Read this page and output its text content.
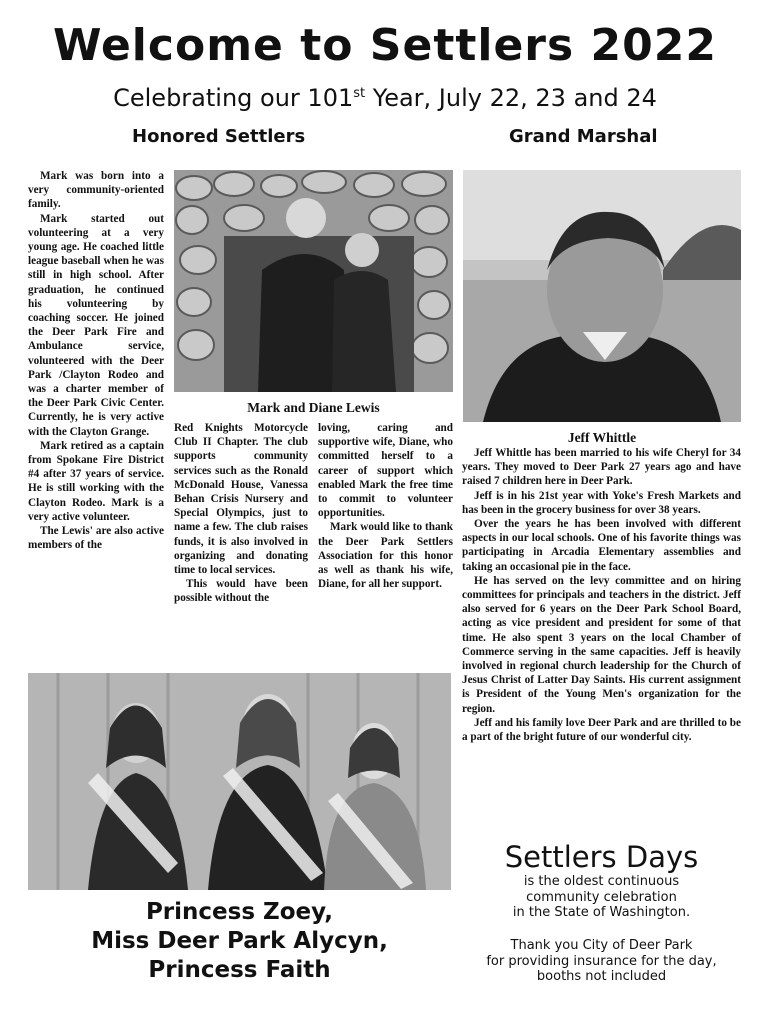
Welcome to Settlers 2022
Celebrating our 101st Year, July 22, 23 and 24
Honored Settlers	Grand Marshal

Mark was born into a very community-oriented family.

Mark started out volunteering at a very young age. He coached little league baseball when he was still in high school. After graduation, he continued his volunteering by coaching soccer. He joined the Deer Park Fire and Ambulance service, volunteered with the Deer Park /Clayton Rodeo and was a charter member of the Deer Park Civic Center. Currently, he is very active with the Clayton Grange.

Mark retired as a captain from Spokane Fire District #4 after 37 years of service. He is still working with the Clayton Rodeo. Mark is a very active volunteer.

The Lewis' are also active members of the

Mark and Diane Lewis

Red Knights Motorcycle Club II Chapter. The club supports community services such as the Ronald McDonald House, Vanessa Behan Crisis Nursery and Special Olympics, just to name a few. The club raises funds, it is also involved in organizing and donating time to local services.

This would have been possible without the

loving, caring and supportive wife, Diane, who committed herself to a career of support which enabled Mark the free time to commit to volunteer opportunities.

Mark would like to thank the Deer Park Settlers Association for this honor as well as thank his wife, Diane, for all her support.

Jeff Whittle

Jeff Whittle has been married to his wife Cheryl for 34 years. They moved to Deer Park 27 years ago and have raised 7 children here in Deer Park.

Jeff is in his 21st year with Yoke's Fresh Markets and has been in the grocery business for over 38 years.

Over the years he has been involved with different aspects in our local schools. One of his favorite things was participating in Arcadia Elementary assemblies and taking an occasional pie in the face.

He has served on the levy committee and on hiring committees for principals and teachers in the district. Jeff also served for 6 years on the Deer Park School Board, acting as vice president and president for some of that time. He also spent 3 years on the local Chamber of Commerce serving in the same capacities. Jeff is heavily involved in regional church leadership for the Church of Jesus Christ of Latter Day Saints. His current assignment is President of the Young Men's organization for the region.

Jeff and his family love Deer Park and are thrilled to be a part of the bright future of our wonderful city.

Princess Zoey,
Miss Deer Park Alycyn,
Princess Faith
Settlers Days
is the oldest continuous
community celebration
in the State of Washington.
Thank you City of Deer Park
for providing insurance for the day,
booths not included
